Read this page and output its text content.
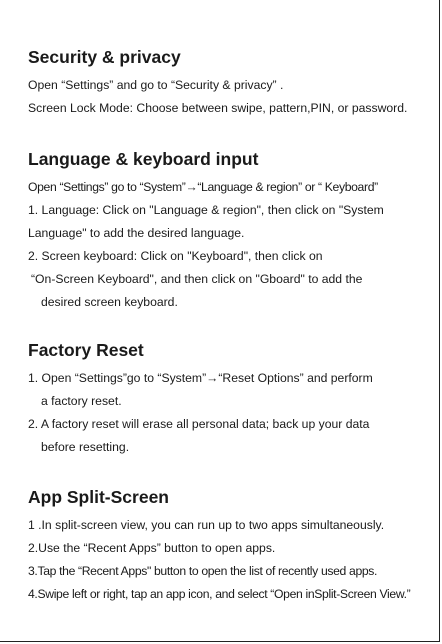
Security & privacy

Open “Settings” and go to “Security & privacy” .

Screen Lock Mode: Choose between swipe, pattern,PIN, or password.

Language & keyboard input

Open “Settings” go to “System”→“Language & region” or “ Keyboard”

1. Language: Click on "Language & region", then click on "System

Language" to add the desired language.

2. Screen keyboard: Click on "Keyboard", then click on

“On-Screen Keyboard", and then click on "Gboard" to add the

desired screen keyboard.

Factory Reset

1. Open “Settings”go to “System”→“Reset Options” and perform

a factory reset.

2. A factory reset will erase all personal data; back up your data

before resetting.

App Split-Screen

1 .In split-screen view, you can run up to two apps simultaneously.

2.Use the “Recent Apps” button to open apps.

3.Tap the “Recent Apps" button to open the list of recently used apps.

4.Swipe left or right, tap an app icon, and select “Open inSplit-Screen View.”
